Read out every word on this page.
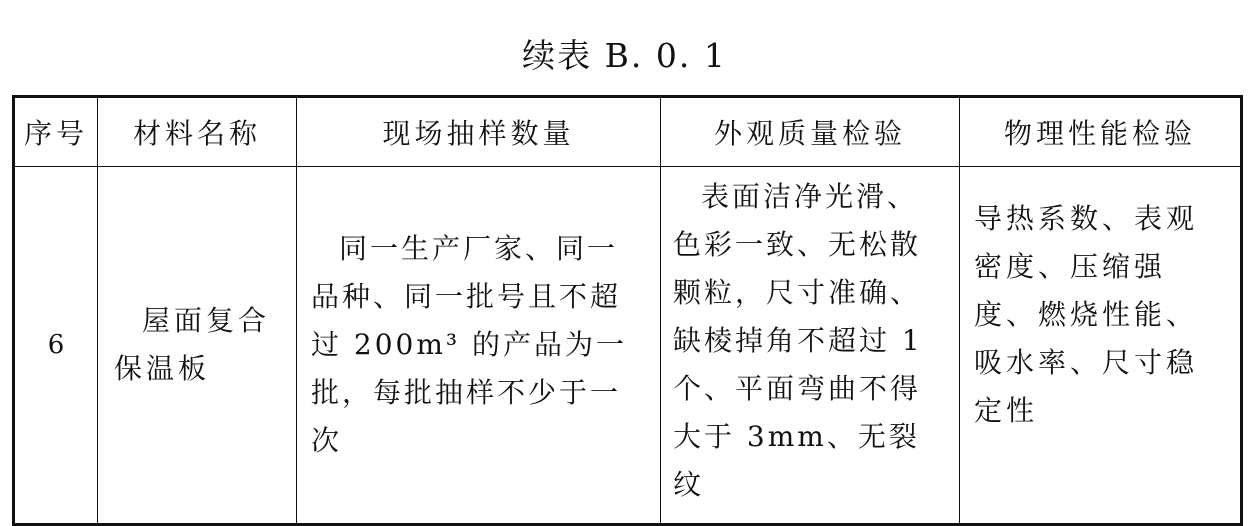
续表 B. 0. 1
序号	材料名称	现场抽样数量	外观质量检验	物理性能检验
6	屋面复合保温板	同一生产厂家、同一品种、同一批号且不超过 200m³ 的产品为一批，每批抽样不少于一次	表面洁净光滑、色彩一致、无松散颗粒，尺寸准确、缺棱掉角不超过 1 个、平面弯曲不得大于 3mm、无裂纹	导热系数、表观密度、压缩强度、燃烧性能、吸水率、尺寸稳定性
